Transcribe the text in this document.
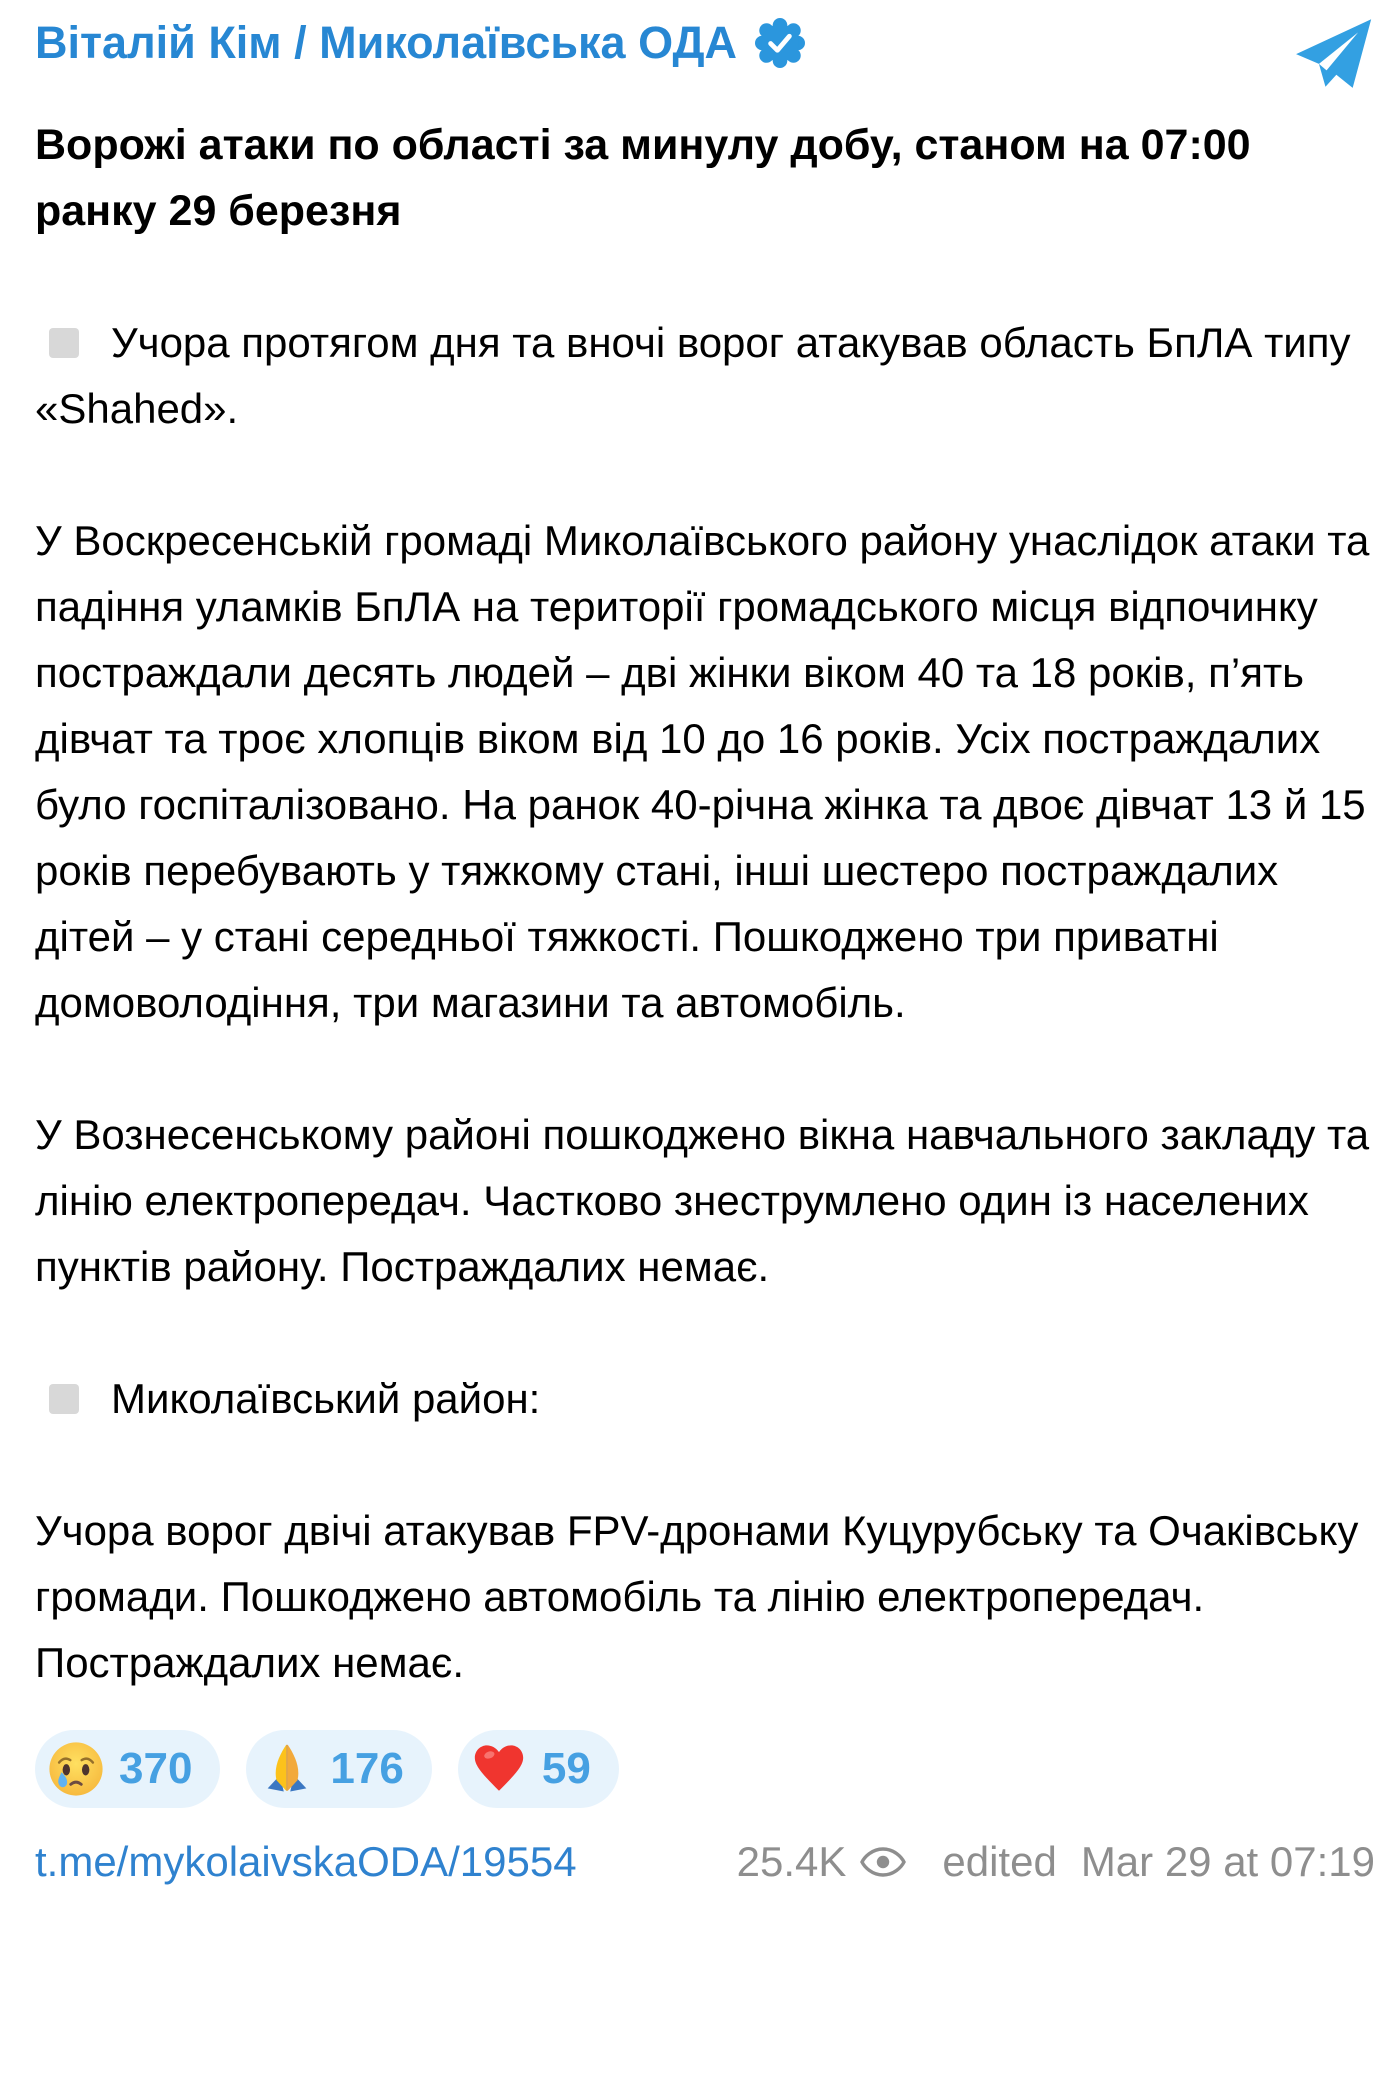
Віталій Кім / Миколаївська ОДА
Ворожі атаки по області за минулу добу, станом на 07:00 ранку 29 березня

Учора протягом дня та вночі ворог атакував область БпЛА типу «Shahed».

У Воскресенській громаді Миколаївського району унаслідок атаки та падіння уламків БпЛА на території громадського місця відпочинку постраждали десять людей – дві жінки віком 40 та 18 років, п’ять дівчат та троє хлопців віком від 10 до 16 років. Усіх постраждалих було госпіталізовано. На ранок 40-річна жінка та двоє дівчат 13 й 15 років перебувають у тяжкому стані, інші шестеро постраждалих дітей – у стані середньої тяжкості. Пошкоджено три приватні домоволодіння, три магазини та автомобіль.

У Вознесенському районі пошкоджено вікна навчального закладу та лінію електропередач. Частково знеструмлено один із населених пунктів району. Постраждалих немає.

Миколаївський район:

Учора ворог двічі атакував FPV-дронами Куцурубську та Очаківську громади. Пошкоджено автомобіль та лінію електропередач. Постраждалих немає.

370	176	59
t.me/mykolaivskaODA/19554	25.4K edited Mar 29 at 07:19
